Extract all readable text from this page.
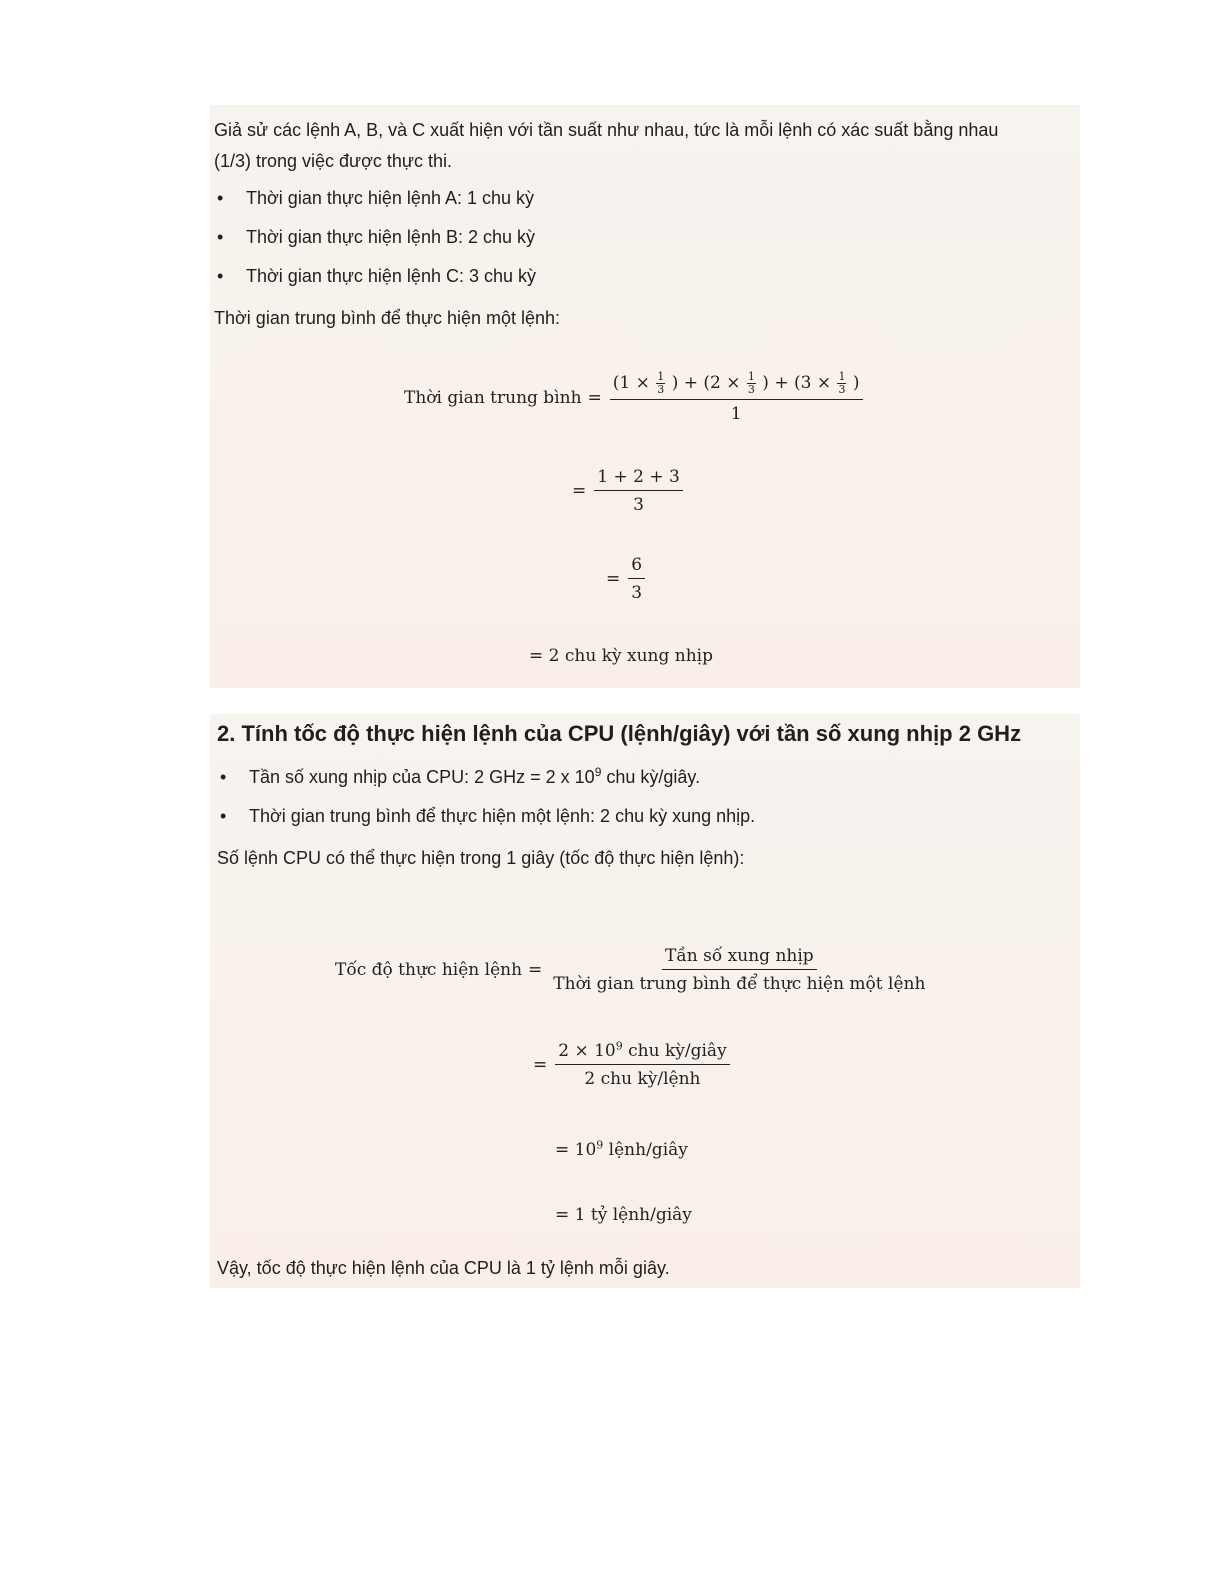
Giả sử các lệnh A, B, và C xuất hiện với tần suất như nhau, tức là mỗi lệnh có xác suất bằng nhau (1/3) trong việc được thực thi.

• Thời gian thực hiện lệnh A: 1 chu kỳ
• Thời gian thực hiện lệnh B: 2 chu kỳ
• Thời gian thực hiện lệnh C: 3 chu kỳ

Thời gian trung bình để thực hiện một lệnh:

Thời gian trung bình =
($1 \times \frac{1}{3}$ ) + ($2 \times \frac{1}{3}$ ) + ($3 \times \frac{1}{3}$ )
1
= $\frac{1 + 2 + 3}{3}$
= $\frac{6}{3}$
= 2 chu kỳ xung nhịp
2. Tính tốc độ thực hiện lệnh của CPU (lệnh/giây) với tần số xung nhịp 2 GHz
• Tần số xung nhịp của CPU: 2 GHz = 2 x $10^9$ chu kỳ/giây.
• Thời gian trung bình để thực hiện một lệnh: 2 chu kỳ xung nhịp.

Số lệnh CPU có thể thực hiện trong 1 giây (tốc độ thực hiện lệnh):

Tốc độ thực hiện lệnh = $\frac{\text{Tần số xung nhịp}}{\text{Thời gian trung bình để thực hiện một lệnh}}$
= $\frac{2 \times 10^9 chu kỳ/giây}{\text{2 chu kỳ/lệnh}}$
= $10^9$ lệnh/giây
= 1 tỷ lệnh/giây

Vậy, tốc độ thực hiện lệnh của CPU là 1 tỷ lệnh mỗi giây.
